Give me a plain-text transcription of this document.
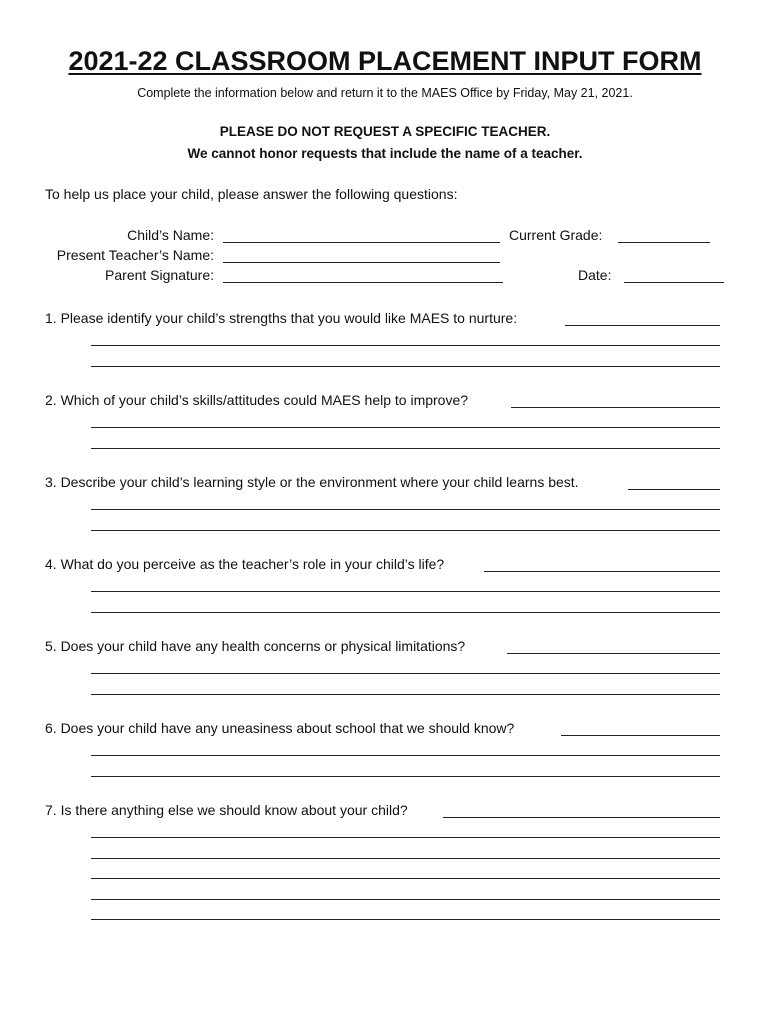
2021-22 CLASSROOM PLACEMENT INPUT FORM
Complete the information below and return it to the MAES Office by Friday, May 21, 2021.
PLEASE DO NOT REQUEST A SPECIFIC TEACHER.
We cannot honor requests that include the name of a teacher.
To help us place your child, please answer the following questions:
Child’s Name:	Current Grade:
Present Teacher’s Name:
Parent Signature:	Date:
1. Please identify your child’s strengths that you would like MAES to nurture:
2. Which of your child’s skills/attitudes could MAES help to improve?
3. Describe your child’s learning style or the environment where your child learns best.
4. What do you perceive as the teacher’s role in your child’s life?
5. Does your child have any health concerns or physical limitations?
6. Does your child have any uneasiness about school that we should know?
7. Is there anything else we should know about your child?
